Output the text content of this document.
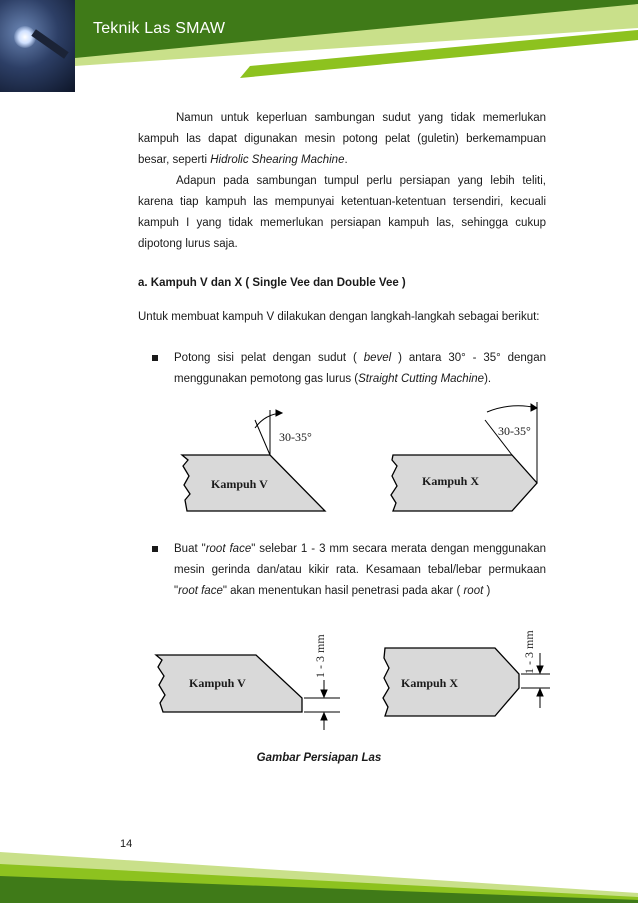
Teknik Las SMAW

Namun untuk keperluan sambungan sudut yang tidak memerlukan kampuh las dapat digunakan mesin potong pelat (guletin) berkemampuan besar, seperti Hidrolic Shearing Machine.

Adapun pada sambungan tumpul perlu persiapan yang lebih teliti, karena tiap kampuh las mempunyai ketentuan-ketentuan tersendiri, kecuali kampuh I yang tidak memerlukan persiapan kampuh las, sehingga cukup dipotong lurus saja.

a. Kampuh V dan X ( Single Vee dan Double Vee )

Untuk membuat kampuh V dilakukan dengan langkah-langkah sebagai berikut:

Potong sisi pelat dengan sudut ( bevel ) antara 30° - 35° dengan menggunakan pemotong gas lurus (Straight Cutting Machine).

30-35°	30-35°
Kampuh V	Kampuh X

Buat "root face" selebar 1 - 3 mm secara merata dengan menggunakan mesin gerinda dan/atau kikir rata. Kesamaan tebal/lebar permukaan "root face" akan menentukan hasil penetrasi pada akar ( root )

Kampuh V	Kampuh X
1 - 3 mm	1 - 3 mm
Gambar Persiapan Las
14
